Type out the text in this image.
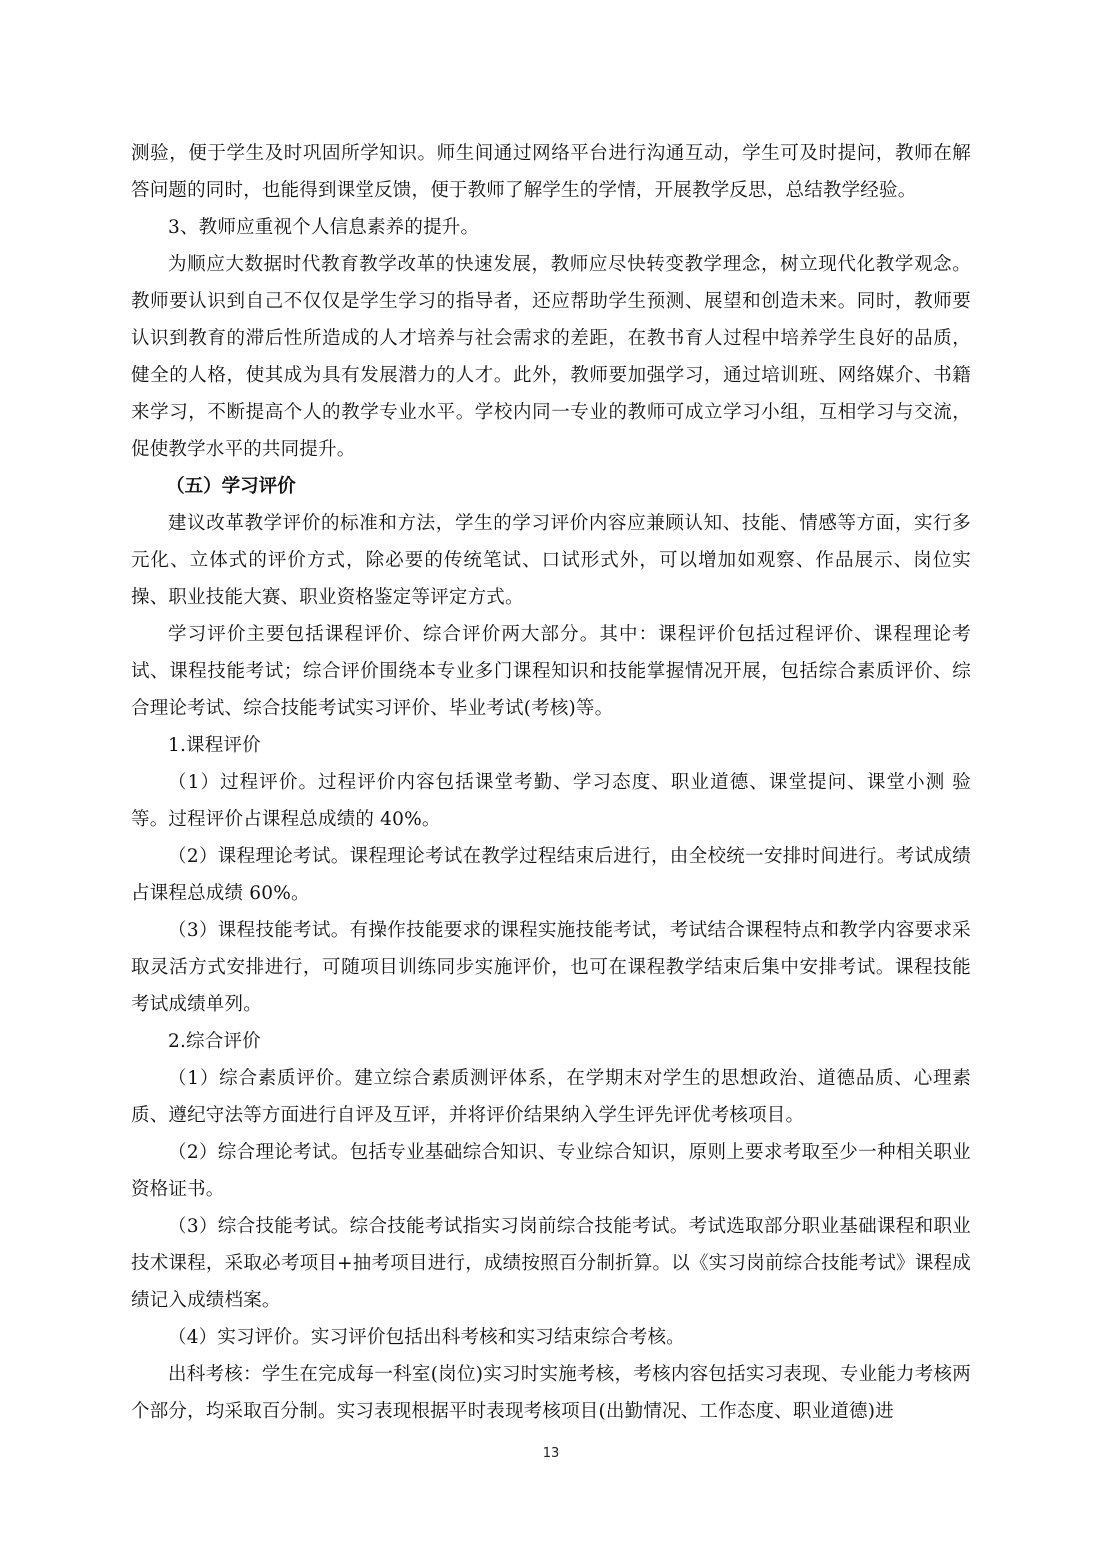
测验，便于学生及时巩固所学知识。师生间通过网络平台进行沟通互动，学生可及时提问，教师在解答问题的同时，也能得到课堂反馈，便于教师了解学生的学情，开展教学反思，总结教学经验。

3、教师应重视个人信息素养的提升。

为顺应大数据时代教育教学改革的快速发展，教师应尽快转变教学理念，树立现代化教学观念。教师要认识到自己不仅仅是学生学习的指导者，还应帮助学生预测、展望和创造未来。同时，教师要认识到教育的滞后性所造成的人才培养与社会需求的差距，在教书育人过程中培养学生良好的品质，健全的人格，使其成为具有发展潜力的人才。此外，教师要加强学习，通过培训班、网络媒介、书籍来学习，不断提高个人的教学专业水平。学校内同一专业的教师可成立学习小组，互相学习与交流，促使教学水平的共同提升。

（五）学习评价

建议改革教学评价的标准和方法，学生的学习评价内容应兼顾认知、技能、情感等方面，实行多元化、立体式的评价方式，除必要的传统笔试、口试形式外，可以增加如观察、作品展示、岗位实操、职业技能大赛、职业资格鉴定等评定方式。

学习评价主要包括课程评价、综合评价两大部分。其中：课程评价包括过程评价、课程理论考试、课程技能考试；综合评价围绕本专业多门课程知识和技能掌握情况开展，包括综合素质评价、综合理论考试、综合技能考试实习评价、毕业考试(考核)等。

1.课程评价

（1）过程评价。过程评价内容包括课堂考勤、学习态度、职业道德、课堂提问、课堂小测 验等。过程评价占课程总成绩的 40%。

（2）课程理论考试。课程理论考试在教学过程结束后进行，由全校统一安排时间进行。考试成绩占课程总成绩 60%。

（3）课程技能考试。有操作技能要求的课程实施技能考试，考试结合课程特点和教学内容要求采取灵活方式安排进行，可随项目训练同步实施评价，也可在课程教学结束后集中安排考试。课程技能考试成绩单列。

2.综合评价

（1）综合素质评价。建立综合素质测评体系，在学期末对学生的思想政治、道德品质、心理素质、遵纪守法等方面进行自评及互评，并将评价结果纳入学生评先评优考核项目。

（2）综合理论考试。包括专业基础综合知识、专业综合知识，原则上要求考取至少一种相关职业资格证书。

（3）综合技能考试。综合技能考试指实习岗前综合技能考试。考试选取部分职业基础课程和职业技术课程，采取必考项目+抽考项目进行，成绩按照百分制折算。以《实习岗前综合技能考试》课程成绩记入成绩档案。

（4）实习评价。实习评价包括出科考核和实习结束综合考核。

出科考核：学生在完成每一科室(岗位)实习时实施考核，考核内容包括实习表现、专业能力考核两个部分，均采取百分制。实习表现根据平时表现考核项目(出勤情况、工作态度、职业道德)进

13
